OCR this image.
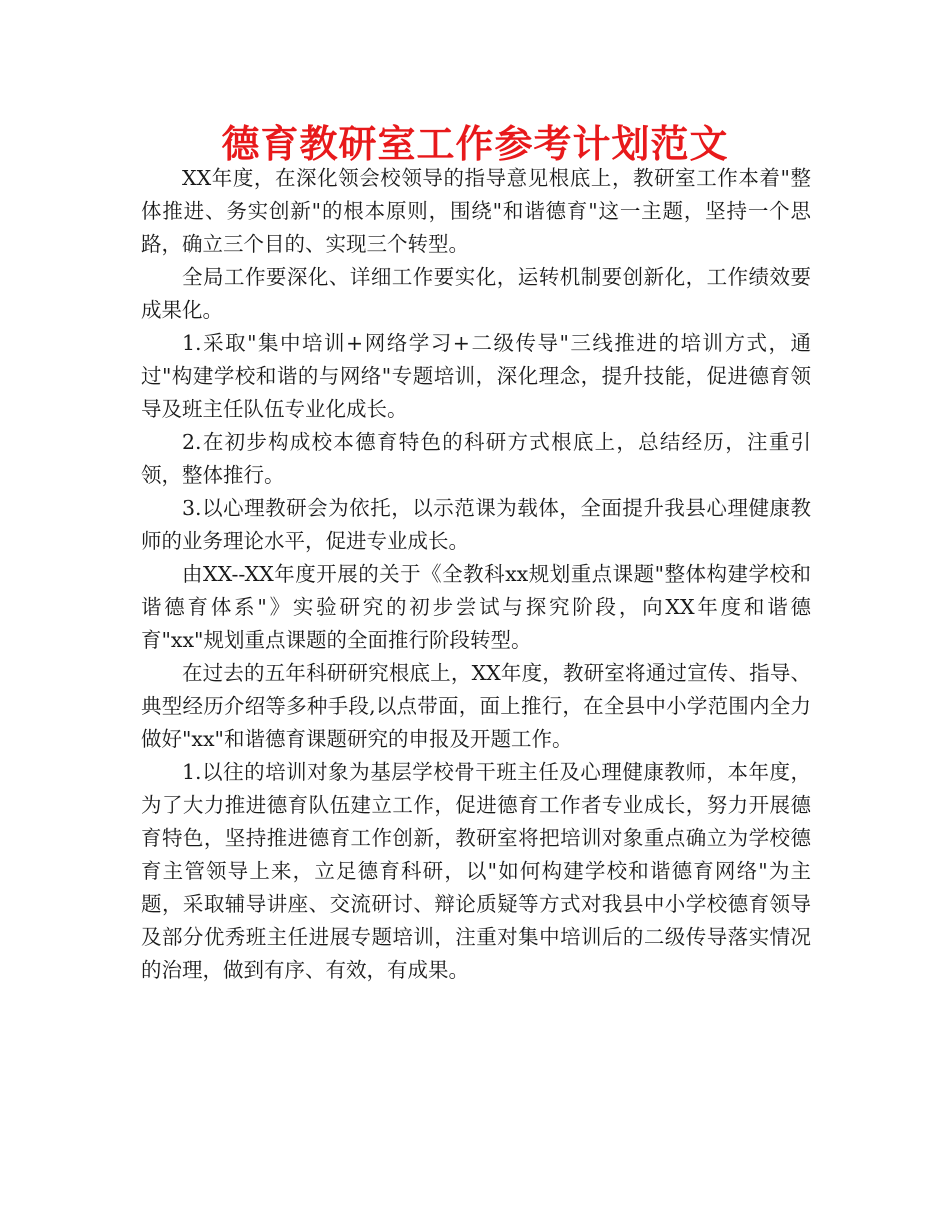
德育教研室工作参考计划范文

XX年度，在深化领会校领导的指导意见根底上，教研室工作本着"整体推进、务实创新"的根本原则，围绕"和谐德育"这一主题，坚持一个思路，确立三个目的、实现三个转型。

全局工作要深化、详细工作要实化，运转机制要创新化，工作绩效要成果化。

1.采取"集中培训+网络学习+二级传导"三线推进的培训方式，通过"构建学校和谐的与网络"专题培训，深化理念，提升技能，促进德育领导及班主任队伍专业化成长。

2.在初步构成校本德育特色的科研方式根底上，总结经历，注重引领，整体推行。

3.以心理教研会为依托，以示范课为载体，全面提升我县心理健康教师的业务理论水平，促进专业成长。

由XX--XX年度开展的关于《全教科xx规划重点课题"整体构建学校和谐德育体系"》实验研究的初步尝试与探究阶段，向XX年度和谐德育"xx"规划重点课题的全面推行阶段转型。

在过去的五年科研研究根底上，XX年度，教研室将通过宣传、指导、典型经历介绍等多种手段,以点带面，面上推行，在全县中小学范围内全力做好"xx"和谐德育课题研究的申报及开题工作。

1.以往的培训对象为基层学校骨干班主任及心理健康教师，本年度，为了大力推进德育队伍建立工作，促进德育工作者专业成长，努力开展德育特色，坚持推进德育工作创新，教研室将把培训对象重点确立为学校德育主管领导上来，立足德育科研，以"如何构建学校和谐德育网络"为主题，采取辅导讲座、交流研讨、辩论质疑等方式对我县中小学校德育领导及部分优秀班主任进展专题培训，注重对集中培训后的二级传导落实情况的治理，做到有序、有效，有成果。
